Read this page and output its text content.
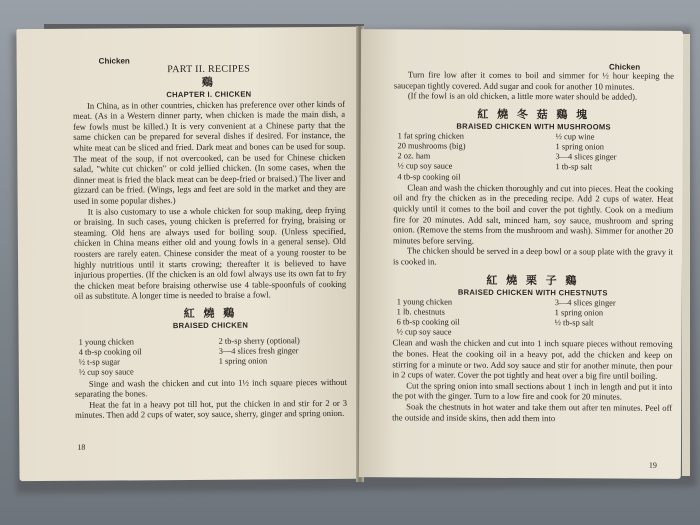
Chicken
PART II. RECIPES
鷄
CHAPTER I. CHICKEN

In China, as in other countries, chicken has preference over other kinds of meat. (As in a Western dinner party, when chicken is made the main dish, a few fowls must be killed.) It is very convenient at a Chinese party that the same chicken can be prepared for several dishes if desired. For instance, the white meat can be sliced and fried. Dark meat and bones can be used for soup. The meat of the soup, if not overcooked, can be used for Chinese chicken salad, "white cut chicken" or cold jellied chicken. (In some cases, when the dinner meat is fried the black meat can be deep-fried or braised.) The liver and gizzard can be fried. (Wings, legs and feet are sold in the market and they are used in some popular dishes.)

It is also customary to use a whole chicken for soup making, deep frying or braising. In such cases, young chicken is preferred for frying, braising or steaming. Old hens are always used for boiling soup. (Unless specified, chicken in China means either old and young fowls in a general sense). Old roosters are rarely eaten. Chinese consider the meat of a young rooster to be highly nutritious until it starts crowing; thereafter it is believed to have injurious properties. (If the chicken is an old fowl always use its own fat to fry the chicken meat before braising otherwise use 4 table-spoonfuls of cooking oil as substitute. A longer time is needed to braise a fowl.

紅 燒 鷄
BRAISED CHICKEN
1 young chicken	2 tb-sp sherry (optional)
4 tb-sp cooking oil	3—4 slices fresh ginger
½ t-sp sugar	1 spring onion
½ cup soy sauce

Singe and wash the chicken and cut into 1½ inch square pieces without separating the bones.

Heat the fat in a heavy pot till hot, put the chicken in and stir for 2 or 3 minutes. Then add 2 cups of water, soy sauce, sherry, ginger and spring onion.

18
Chicken

Turn fire low after it comes to boil and simmer for ½ hour keeping the saucepan tightly covered. Add sugar and cook for another 10 minutes.

(If the fowl is an old chicken, a little more water should be added).

紅 燒 冬 菇 鷄 塊
BRAISED CHICKEN WITH MUSHROOMS
1 fat spring chicken	½ cup wine
20 mushrooms (big)	1 spring onion
2 oz. ham	3—4 slices ginger
½ cup soy sauce	1 tb-sp salt
4 tb-sp cooking oil

Clean and wash the chicken thoroughly and cut into pieces. Heat the cooking oil and fry the chicken as in the preceding recipe. Add 2 cups of water. Heat quickly until it comes to the boil and cover the pot tightly. Cook on a medium fire for 20 minutes. Add salt, minced ham, soy sauce, mushroom and spring onion. (Remove the stems from the mushroom and wash). Simmer for another 20 minutes before serving.

The chicken should be served in a deep bowl or a soup plate with the gravy it is cooked in.

紅 燒 栗 子 鷄
BRAISED CHICKEN WITH CHESTNUTS
1 young chicken	3—4 slices ginger
1 lb. chestnuts	1 spring onion
6 tb-sp cooking oil	½ tb-sp salt
½ cup soy sauce

Clean and wash the chicken and cut into 1 inch square pieces without removing the bones. Heat the cooking oil in a heavy pot, add the chicken and keep on stirring for a minute or two. Add soy sauce and stir for another minute, then pour in 2 cups of water. Cover the pot tightly and heat over a big fire until boiling.

Cut the spring onion into small sections about 1 inch in length and put it into the pot with the ginger. Turn to a low fire and cook for 20 minutes.

Soak the chestnuts in hot water and take them out after ten minutes. Peel off the outside and inside skins, then add them into

19
